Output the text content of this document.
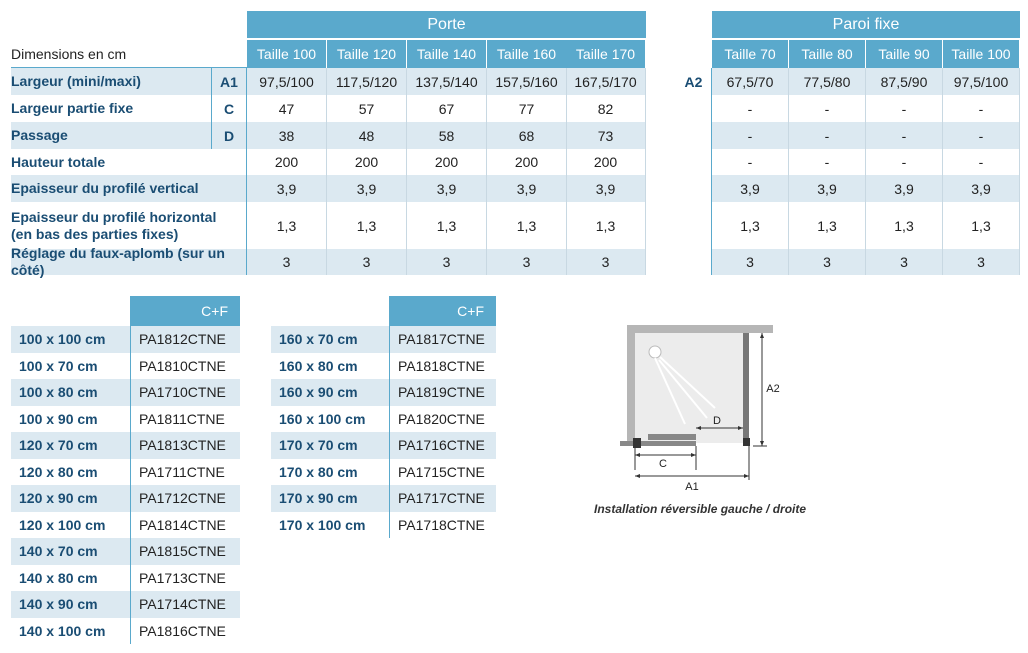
Porte	Paroi fixe
Dimensions en cm	Taille 100	Taille 120	Taille 140	Taille 160	Taille 170	Taille 70	Taille 80	Taille 90	Taille 100
Largeur (mini/maxi)	A1	97,5/100	117,5/120	137,5/140	157,5/160	167,5/170	A2	67,5/70	77,5/80	87,5/90	97,5/100
Largeur partie fixe	C	47	57	67	77	82	-	-	-	-
Passage	D	38	48	58	68	73	-	-	-	-
Hauteur totale	200	200	200	200	200	-	-	-	-
Epaisseur du profilé vertical	3,9	3,9	3,9	3,9	3,9	3,9	3,9	3,9	3,9
Epaisseur du profilé horizontal
(en bas des parties fixes)	1,3	1,3	1,3	1,3	1,3	1,3	1,3	1,3	1,3
Réglage du faux-aplomb (sur un côté)	3	3	3	3	3	3	3	3	3
C+F
100 x 100 cm	PA1812CTNE
100 x 70 cm	PA1810CTNE
100 x 80 cm	PA1710CTNE
100 x 90 cm	PA1811CTNE
120 x 70 cm	PA1813CTNE
120 x 80 cm	PA1711CTNE
120 x 90 cm	PA1712CTNE
120 x 100 cm	PA1814CTNE
140 x 70 cm	PA1815CTNE
140 x 80 cm	PA1713CTNE
140 x 90 cm	PA1714CTNE
140 x 100 cm	PA1816CTNE
C+F
160 x 70 cm	PA1817CTNE
160 x 80 cm	PA1818CTNE
160 x 90 cm	PA1819CTNE
160 x 100 cm	PA1820CTNE
170 x 70 cm	PA1716CTNE
170 x 80 cm	PA1715CTNE
170 x 90 cm	PA1717CTNE
170 x 100 cm	PA1718CTNE
D
A2
C
A1
Installation réversible gauche / droite
